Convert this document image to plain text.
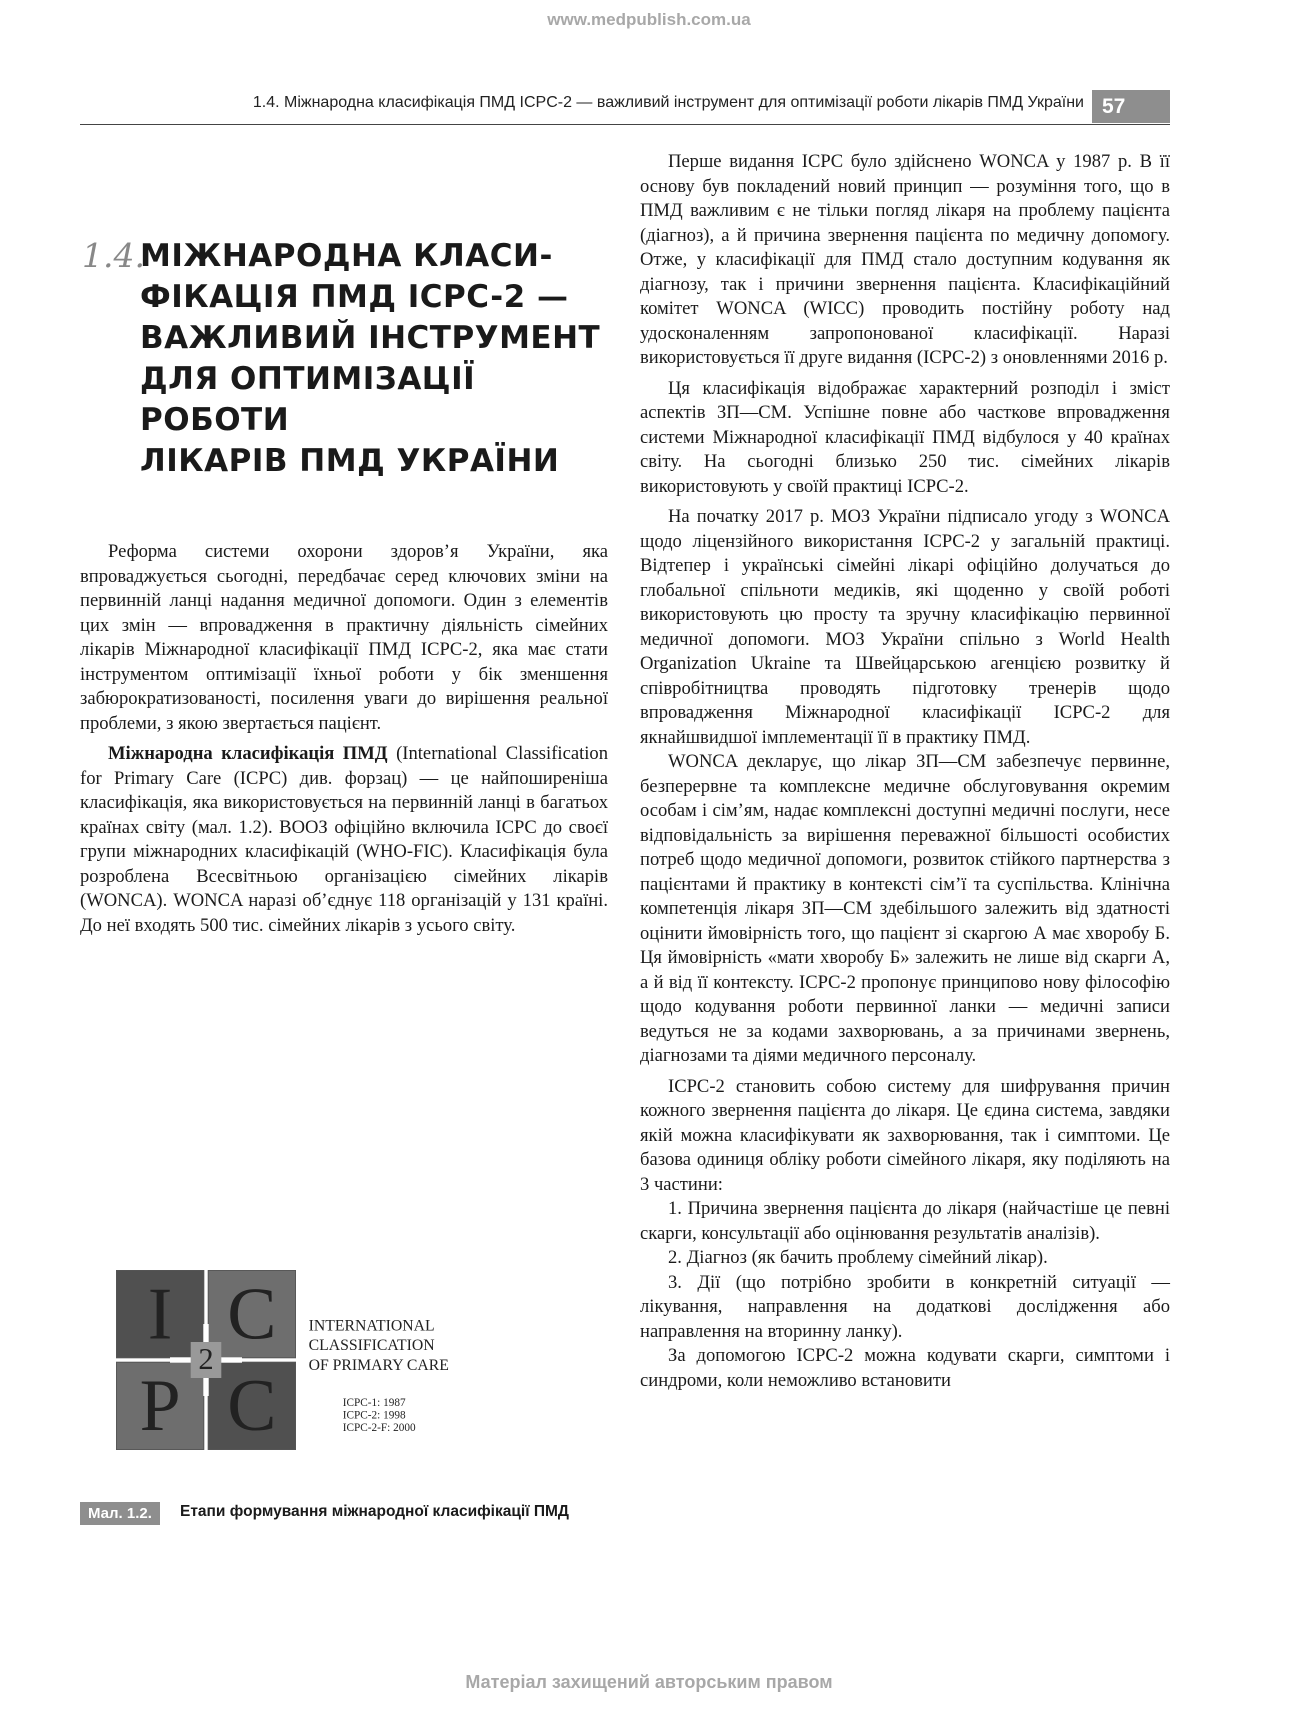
www.medpublish.com.ua
1.4. Міжнародна класифікація ПМД ICPC-2 — важливий інструмент для оптимізації роботи лікарів ПМД України 57
1.4.
МІЖНАРОДНА КЛАСИ-
ФІКАЦІЯ ПМД ICPC-2 —
ВАЖЛИВИЙ ІНСТРУМЕНТ
ДЛЯ ОПТИМІЗАЦІЇ РОБОТИ
ЛІКАРІВ ПМД УКРАЇНИ

Реформа системи охорони здоров’я України, яка впроваджується сьогодні, передбачає серед ключових зміни на первинній ланці надання медичної допомоги. Один з елементів цих змін — впровадження в практичну діяльність сімейних лікарів Міжнародної класифікації ПМД ICPC-2, яка має стати інструментом оптимізації їхньої роботи у бік зменшення забюрократизованості, посилення уваги до вирішення реальної проблеми, з якою звертається пацієнт.

Міжнародна класифікація ПМД (International Classification for Primary Care (ICPC) див. форзац) — це найпоширеніша класифікація, яка використовується на первинній ланці в багатьох країнах світу (мал. 1.2). ВООЗ офіційно включила ICPC до своєї групи міжнародних класифікацій (WHO-FIC). Класифікація була розроблена Всесвітньою організацією сімейних лікарів (WONCA). WONCA наразі об’єднує 118 організацій у 131 країні. До неї входять 500 тис. сімейних лікарів з усього світу.

Перше видання ICPC було здійснено WONCA у 1987 р. В її основу був покладений новий принцип — розуміння того, що в ПМД важливим є не тільки погляд лікаря на проблему пацієнта (діагноз), а й причина звернення пацієнта по медичну допомогу. Отже, у класифікації для ПМД стало доступним кодування як діагнозу, так і причини звернення пацієнта. Класифікаційний комітет WONCA (WICC) проводить постійну роботу над удосконаленням запропонованої класифікації. Наразі використовується її друге видання (ICPC-2) з оновленнями 2016 р.

Ця класифікація відображає характерний розподіл і зміст аспектів ЗП—СМ. Успішне повне або часткове впровадження системи Міжнародної класифікації ПМД відбулося у 40 країнах світу. На сьогодні близько 250 тис. сімейних лікарів використовують у своїй практиці ICPC-2.

На початку 2017 р. МОЗ України підписало угоду з WONCA щодо ліцензійного використання ICPC-2 у загальній практиці. Відтепер і українські сімейні лікарі офіційно долучаться до глобальної спільноти медиків, які щоденно у своїй роботі використовують цю просту та зручну класифікацію первинної медичної допомоги. МОЗ України спільно з World Health Organization Ukraine та Швейцарською агенцією розвитку й співробітництва проводять підготовку тренерів щодо впровадження Міжнародної класифікації ICPC-2 для якнайшвидшої імплементації її в практику ПМД.

WONCA декларує, що лікар ЗП—СМ забезпечує первинне, безперервне та комплексне медичне обслуговування окремим особам і сім’ям, надає комплексні доступні медичні послуги, несе відповідальність за вирішення переважної більшості особистих потреб щодо медичної допомоги, розвиток стійкого партнерства з пацієнтами й практику в контексті сім’ї та суспільства. Клінічна компетенція лікаря ЗП—СМ здебільшого залежить від здатності оцінити ймовірність того, що пацієнт зі скаргою А має хворобу Б. Ця ймовірність «мати хворобу Б» залежить не лише від скарги А, а й від її контексту. ICPC-2 пропонує принципово нову філософію щодо кодування роботи первинної ланки — медичні записи ведуться не за кодами захворювань, а за причинами звернень, діагнозами та діями медичного персоналу.

ICPC-2 становить собою систему для шифрування причин кожного звернення пацієнта до лікаря. Це єдина система, завдяки якій можна класифікувати як захворювання, так і симптоми. Це базова одиниця обліку роботи сімейного лікаря, яку поділяють на 3 частини:

1. Причина звернення пацієнта до лікаря (найчастіше це певні скарги, консультації або оцінювання результатів аналізів).

2. Діагноз (як бачить проблему сімейний лікар).

3. Дії (що потрібно зробити в конкретній ситуації — лікування, направлення на додаткові дослідження або направлення на вторинну ланку).

За допомогою ICPC-2 можна кодувати скарги, симптоми і синдроми, коли неможливо встановити

I C
P C
2
INTERNATIONAL
CLASSIFICATION
OF PRIMARY CARE
ICPC-1: 1987
ICPC-2: 1998
ICPC-2-F: 2000
Мал. 1.2.	Етапи формування міжнародної класифікації ПМД
Матеріал захищений авторським правом
